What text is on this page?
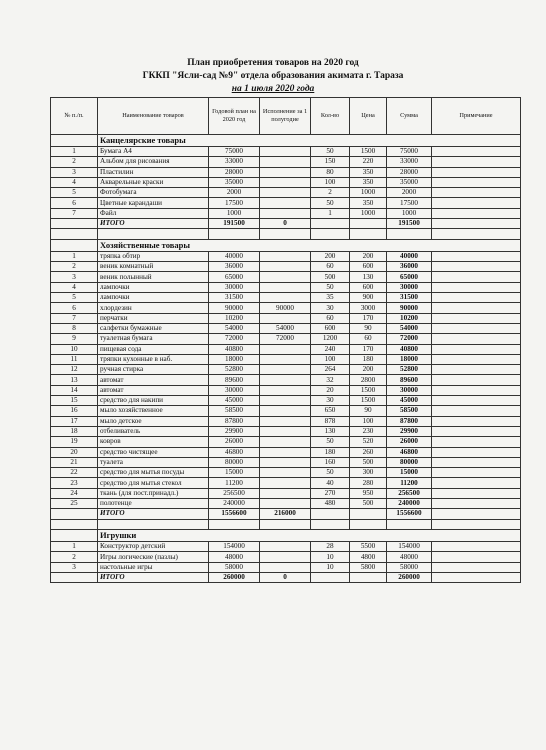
План приобретения товаров на 2020 год
ГККП "Ясли-сад №9" отдела образования акимата г. Тараза
на 1 июля 2020 года
№ п./п.	Наименование товаров	Годовой план на 2020 год	Исполнение за 1 полугодие	Кол-во	Цена	Сумма	Примечание
	Канцелярские товары						
1	Бумага А4	75000		50	1500	75000	
2	Альбом для рисования	33000		150	220	33000	
3	Пластилин	28000		80	350	28000	
4	Акварельные краски	35000		100	350	35000	
5	Фотобумага	2000		2	1000	2000	
6	Цветные карандаши	17500		50	350	17500	
7	Файл	1000		1	1000	1000	
	ИТОГО	191500	0			191500	

	Хозяйственные товары						
1	тряпка обтир	40000		200	200	40000	
2	веник комнатный	36000		60	600	36000	
3	веник полынный	65000		500	130	65000	
4	лампочки	30000		50	600	30000	
5	лампочки	31500		35	900	31500	
6	хлордезин	90000	90000	30	3000	90000	
7	перчатки	10200		60	170	10200	
8	салфетки бумажные	54000	54000	600	90	54000	
9	туалетная бумага	72000	72000	1200	60	72000	
10	пищевая сода	40800		240	170	40800	
11	тряпки кухонные в наб.	18000		100	180	18000	
12	ручная стирка	52800		264	200	52800	
13	автомат	89600		32	2800	89600	
14	автомат	30000		20	1500	30000	
15	средство для накипи	45000		30	1500	45000	
16	мыло хозяйственное	58500		650	90	58500	
17	мыло детское	87800		878	100	87800	
18	отбеливатель	29900		130	230	29900	
19	ковров	26000		50	520	26000	
20	средство чистящее	46800		180	260	46800	
21	туалета	80000		160	500	80000	
22	средство для мытья посуды	15000		50	300	15000	
23	средство для мытья стекол	11200		40	280	11200	
24	ткань (для пост.принадл.)	256500		270	950	256500	
25	полотенце	240000		480	500	240000	
	ИТОГО	1556600	216000			1556600	

	Игрушки						
1	Конструктор детский	154000		28	5500	154000	
2	Игры логические (пазлы)	48000		10	4800	48000	
3	настольные игры	58000		10	5800	58000	
	ИТОГО	260000	0			260000	
